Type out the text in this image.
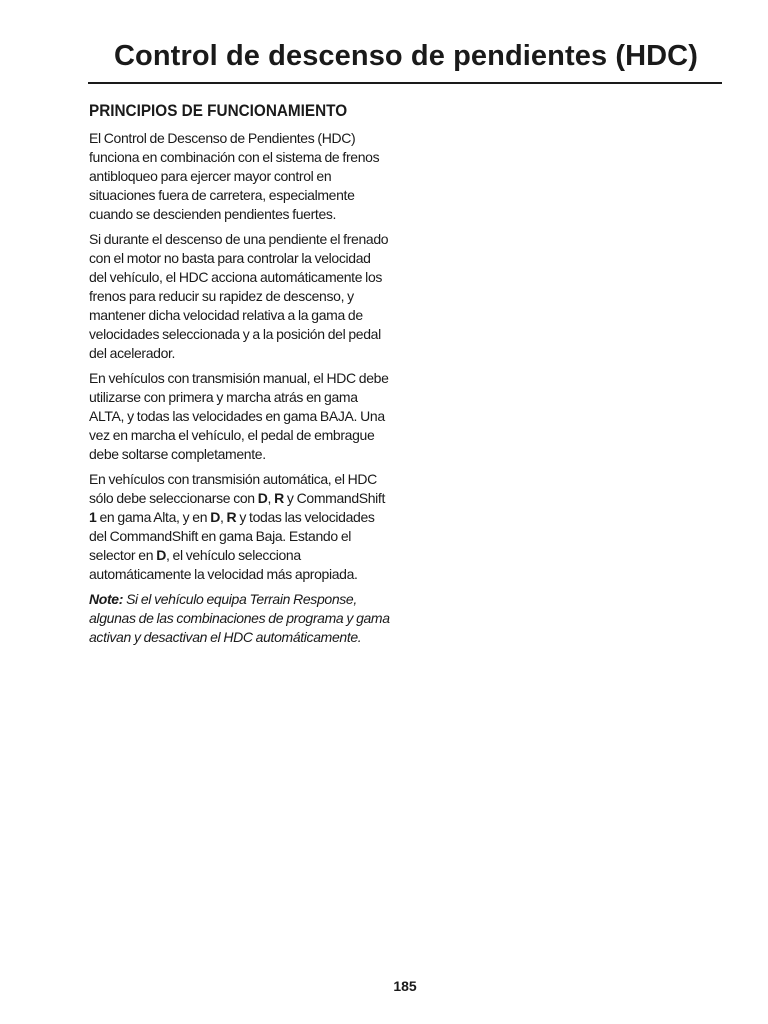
Control de descenso de pendientes (HDC)
PRINCIPIOS DE FUNCIONAMIENTO

El Control de Descenso de Pendientes (HDC) funciona en combinación con el sistema de frenos antibloqueo para ejercer mayor control en situaciones fuera de carretera, especialmente cuando se descienden pendientes fuertes.

Si durante el descenso de una pendiente el frenado con el motor no basta para controlar la velocidad del vehículo, el HDC acciona automáticamente los frenos para reducir su rapidez de descenso, y mantener dicha velocidad relativa a la gama de velocidades seleccionada y a la posición del pedal del acelerador.

En vehículos con transmisión manual, el HDC debe utilizarse con primera y marcha atrás en gama ALTA, y todas las velocidades en gama BAJA. Una vez en marcha el vehículo, el pedal de embrague debe soltarse completamente.

En vehículos con transmisión automática, el HDC sólo debe seleccionarse con D, R y CommandShift 1 en gama Alta, y en D, R y todas las velocidades del CommandShift en gama Baja. Estando el selector en D, el vehículo selecciona automáticamente la velocidad más apropiada.

Note: Si el vehículo equipa Terrain Response, algunas de las combinaciones de programa y gama activan y desactivan el HDC automáticamente.

185
